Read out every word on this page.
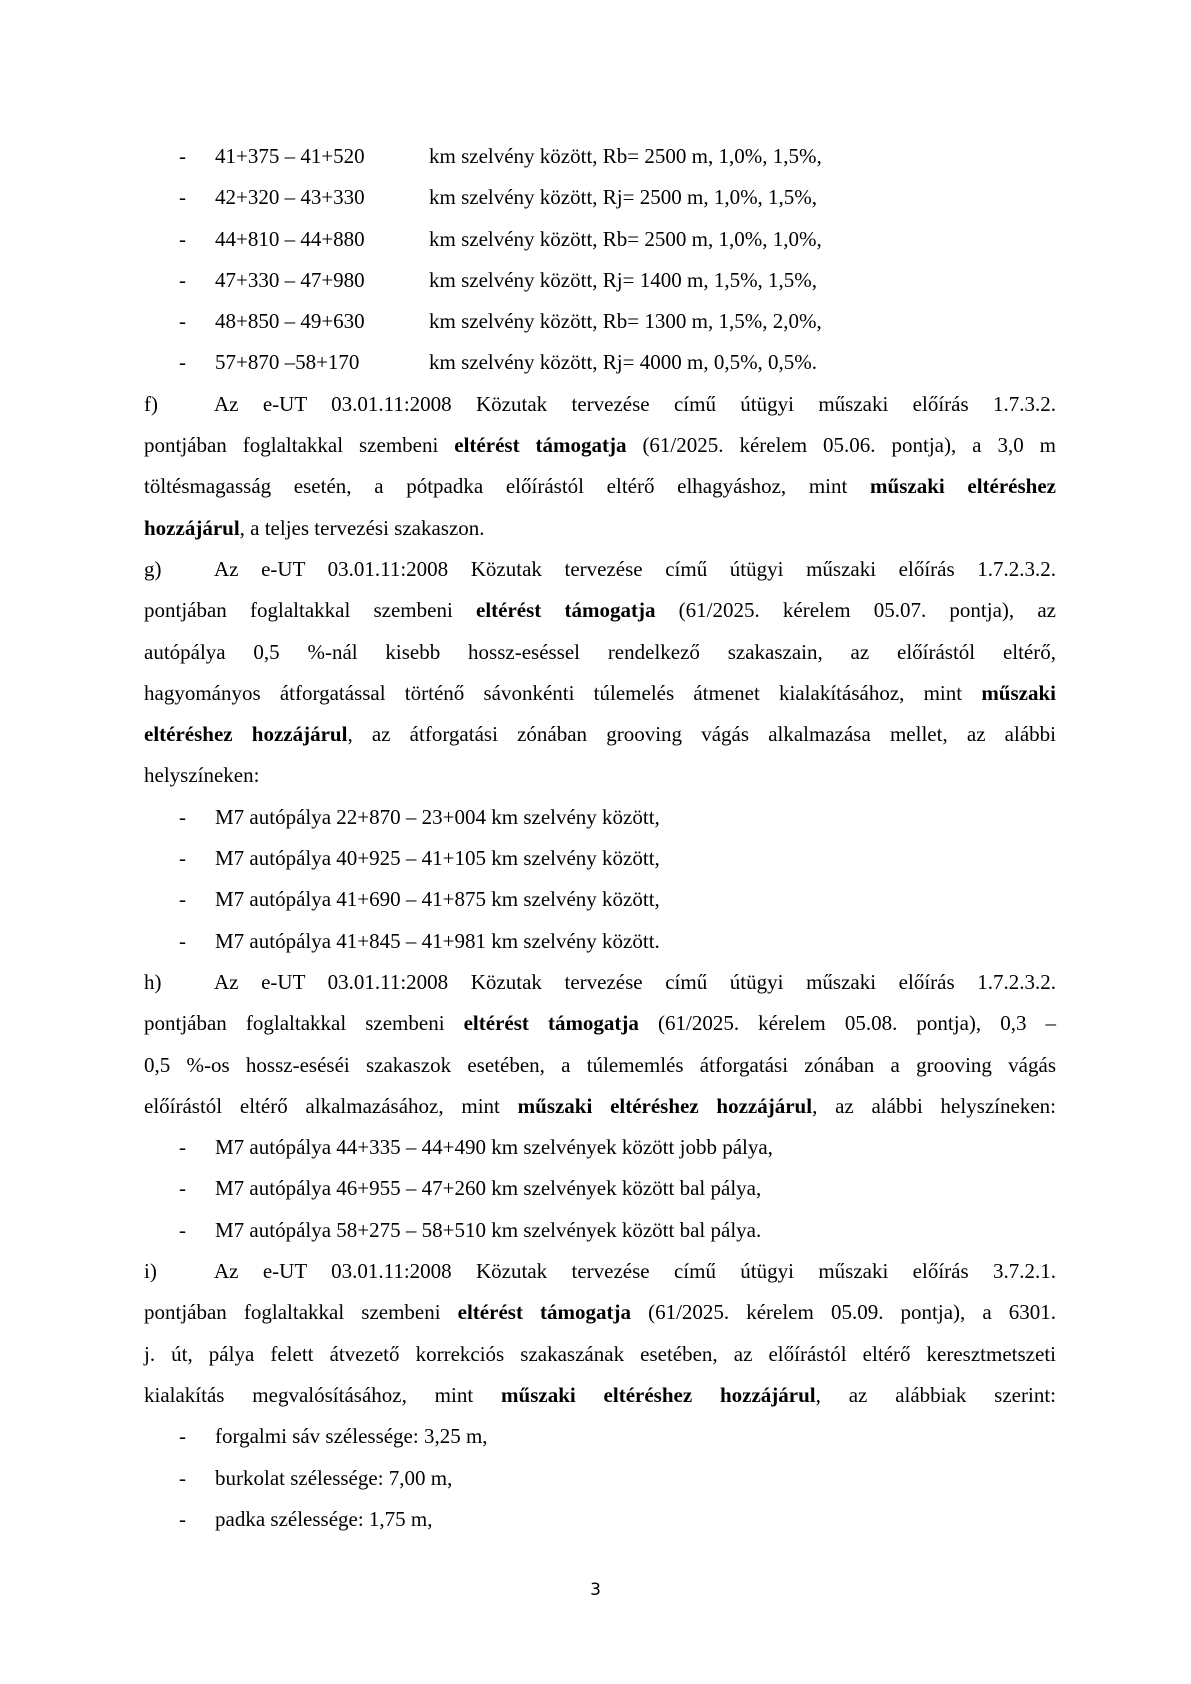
- 41+375 – 41+520	km szelvény között, Rb= 2500 m, 1,0%, 1,5%,
- 42+320 – 43+330	km szelvény között, Rj= 2500 m, 1,0%, 1,5%,
- 44+810 – 44+880	km szelvény között, Rb= 2500 m, 1,0%, 1,0%,
- 47+330 – 47+980	km szelvény között, Rj= 1400 m, 1,5%, 1,5%,
- 48+850 – 49+630	km szelvény között, Rb= 1300 m, 1,5%, 2,0%,
- 57+870 –58+170	km szelvény között, Rj= 4000 m, 0,5%, 0,5%.
f)	Az e-UT 03.01.11:2008 Közutak tervezése című útügyi műszaki előírás 1.7.3.2.
pontjában foglaltakkal szembeni eltérést támogatja (61/2025. kérelem 05.06. pontja), a 3,0 m
töltésmagasság esetén, a pótpadka előírástól eltérő elhagyáshoz, mint műszaki eltéréshez
hozzájárul, a teljes tervezési szakaszon.
g)	Az e-UT 03.01.11:2008 Közutak tervezése című útügyi műszaki előírás 1.7.2.3.2.
pontjában foglaltakkal szembeni eltérést támogatja (61/2025. kérelem 05.07. pontja), az
autópálya 0,5 %-nál kisebb hossz-eséssel rendelkező szakaszain, az előírástól eltérő,
hagyományos átforgatással történő sávonkénti túlemelés átmenet kialakításához, mint műszaki
eltéréshez hozzájárul, az átforgatási zónában grooving vágás alkalmazása mellet, az alábbi
helyszíneken:
- M7 autópálya 22+870 – 23+004 km szelvény között,
- M7 autópálya 40+925 – 41+105 km szelvény között,
- M7 autópálya 41+690 – 41+875 km szelvény között,
- M7 autópálya 41+845 – 41+981 km szelvény között.
h)	Az e-UT 03.01.11:2008 Közutak tervezése című útügyi műszaki előírás 1.7.2.3.2.
pontjában foglaltakkal szembeni eltérést támogatja (61/2025. kérelem 05.08. pontja), 0,3 –
0,5 %-os hossz-eséséi szakaszok esetében, a túlememlés átforgatási zónában a grooving vágás
előírástól eltérő alkalmazásához, mint műszaki eltéréshez hozzájárul, az alábbi helyszíneken:
- M7 autópálya 44+335 – 44+490 km szelvények között jobb pálya,
- M7 autópálya 46+955 – 47+260 km szelvények között bal pálya,
- M7 autópálya 58+275 – 58+510 km szelvények között bal pálya.
i)	Az e-UT 03.01.11:2008 Közutak tervezése című útügyi műszaki előírás 3.7.2.1.
pontjában foglaltakkal szembeni eltérést támogatja (61/2025. kérelem 05.09. pontja), a 6301.
j. út, pálya felett átvezető korrekciós szakaszának esetében, az előírástól eltérő keresztmetszeti
kialakítás megvalósításához, mint műszaki eltéréshez hozzájárul, az alábbiak szerint:
- forgalmi sáv szélessége: 3,25 m,
- burkolat szélessége: 7,00 m,
- padka szélessége: 1,75 m,
3
